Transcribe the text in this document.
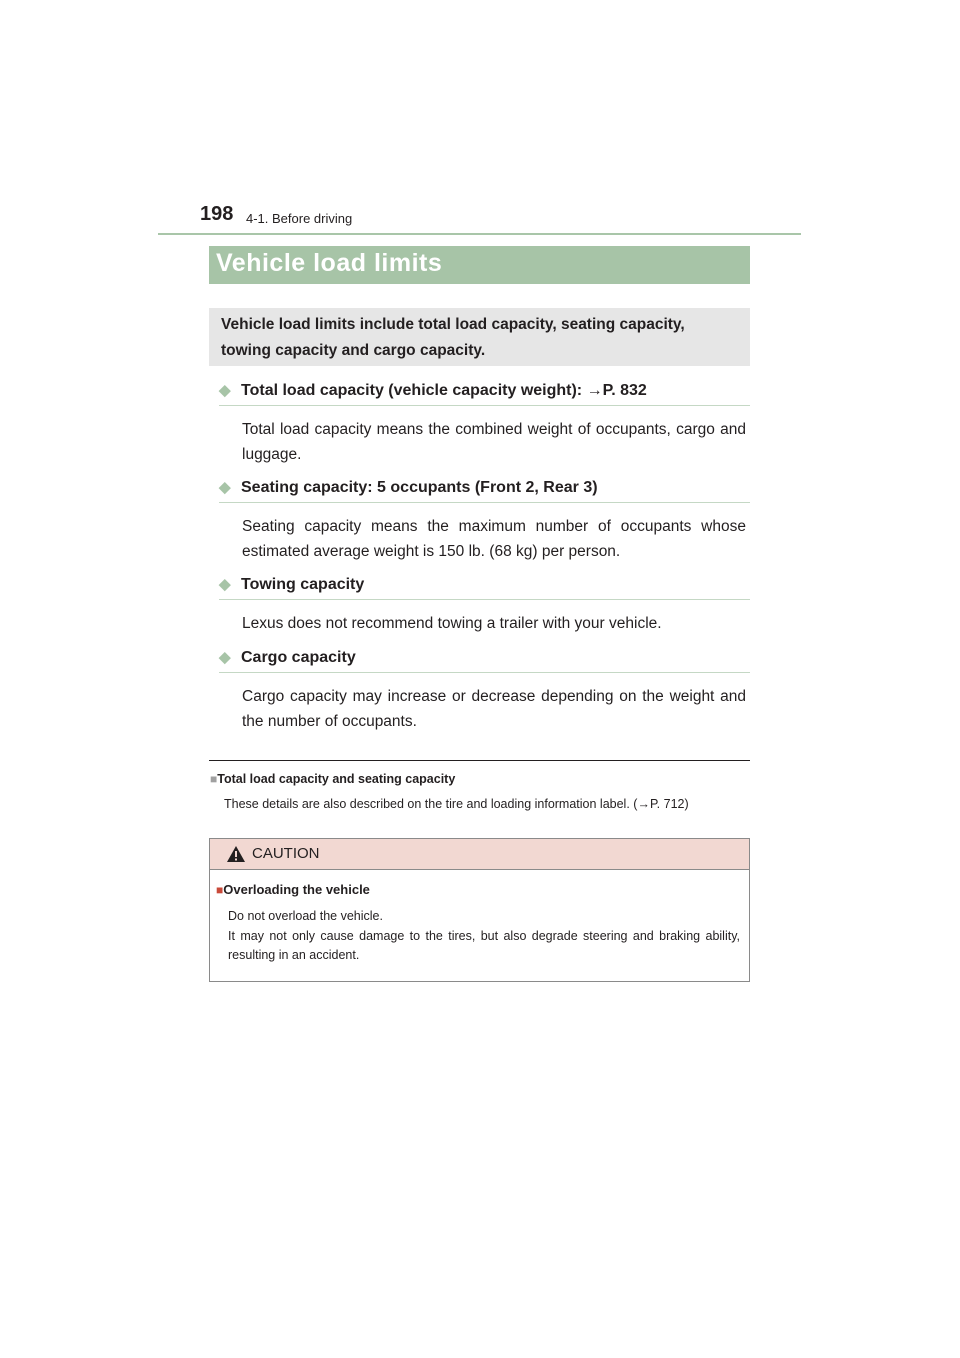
198 4-1. Before driving
Vehicle load limits
Vehicle load limits include total load capacity, seating capacity, towing capacity and cargo capacity.
◆ Total load capacity (vehicle capacity weight): →P. 832
Total load capacity means the combined weight of occupants, cargo and luggage.
◆ Seating capacity: 5 occupants (Front 2, Rear 3)
Seating capacity means the maximum number of occupants whose estimated average weight is 150 lb. (68 kg) per person.
◆ Towing capacity
Lexus does not recommend towing a trailer with your vehicle.
◆ Cargo capacity
Cargo capacity may increase or decrease depending on the weight and the number of occupants.
■Total load capacity and seating capacity
These details are also described on the tire and loading information label. (→P. 712)
CAUTION
■Overloading the vehicle
Do not overload the vehicle.
It may not only cause damage to the tires, but also degrade steering and braking ability, resulting in an accident.
